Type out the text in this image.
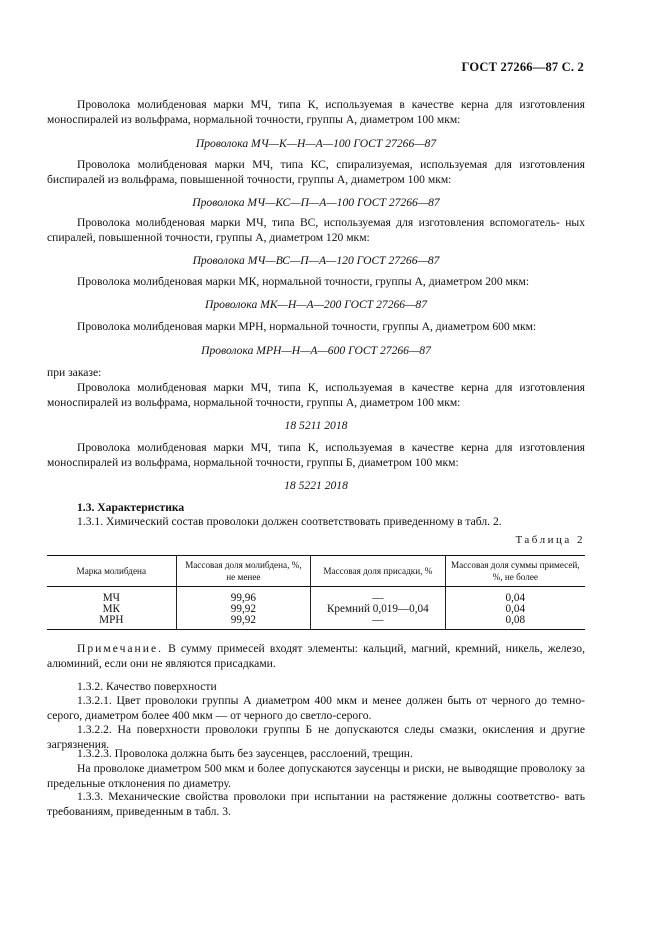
ГОСТ 27266—87 С. 2

Проволока молибденовая марки МЧ, типа К, используемая в качестве керна для изготовления моноспиралей из вольфрама, нормальной точности, группы А, диаметром 100 мкм:

Проволока МЧ—К—Н—А—100 ГОСТ 27266—87

Проволока молибденовая марки МЧ, типа КС, спирализуемая, используемая для изготовления биспиралей из вольфрама, повышенной точности, группы А, диаметром 100 мкм:

Проволока МЧ—КС—П—А—100 ГОСТ 27266—87

Проволока молибденовая марки МЧ, типа ВС, используемая для изготовления вспомогатель- ных спиралей, повышенной точности, группы А, диаметром 120 мкм:

Проволока МЧ—ВС—П—А—120 ГОСТ 27266—87

Проволока молибденовая марки МК, нормальной точности, группы А, диаметром 200 мкм:

Проволока МК—Н—А—200 ГОСТ 27266—87

Проволока молибденовая марки МРН, нормальной точности, группы А, диаметром 600 мкм:

Проволока МРН—Н—А—600 ГОСТ 27266—87

при заказе:

Проволока молибденовая марки МЧ, типа К, используемая в качестве керна для изготовления моноспиралей из вольфрама, нормальной точности, группы А, диаметром 100 мкм:

18 5211 2018

Проволока молибденовая марки МЧ, типа К, используемая в качестве керна для изготовления моноспиралей из вольфрама, нормальной точности, группы Б, диаметром 100 мкм:

18 5221 2018
1.3. Характеристика

1.3.1. Химический состав проволоки должен соответствовать приведенному в табл. 2.

Таблица 2
Марка молибдена	Массовая доля молибдена, %, не менее	Массовая доля присадки, %	Массовая доля суммы примесей, %, не более
МЧ	99,96	—	0,04
МК	99,92	Кремний 0,019—0,04	0,04
МРН	99,92	—	0,08

Примечание. В сумму примесей входят элементы: кальций, магний, кремний, никель, железо, алюминий, если они не являются присадками.

1.3.2. Качество поверхности

1.3.2.1. Цвет проволоки группы А диаметром 400 мкм и менее должен быть от черного до темно-серого, диаметром более 400 мкм — от черного до светло-серого.

1.3.2.2. На поверхности проволоки группы Б не допускаются следы смазки, окисления и другие загрязнения.

1.3.2.3. Проволока должна быть без заусенцев, расслоений, трещин.

На проволоке диаметром 500 мкм и более допускаются заусенцы и риски, не выводящие проволоку за предельные отклонения по диаметру.

1.3.3. Механические свойства проволоки при испытании на растяжение должны соответство- вать требованиям, приведенным в табл. 3.
